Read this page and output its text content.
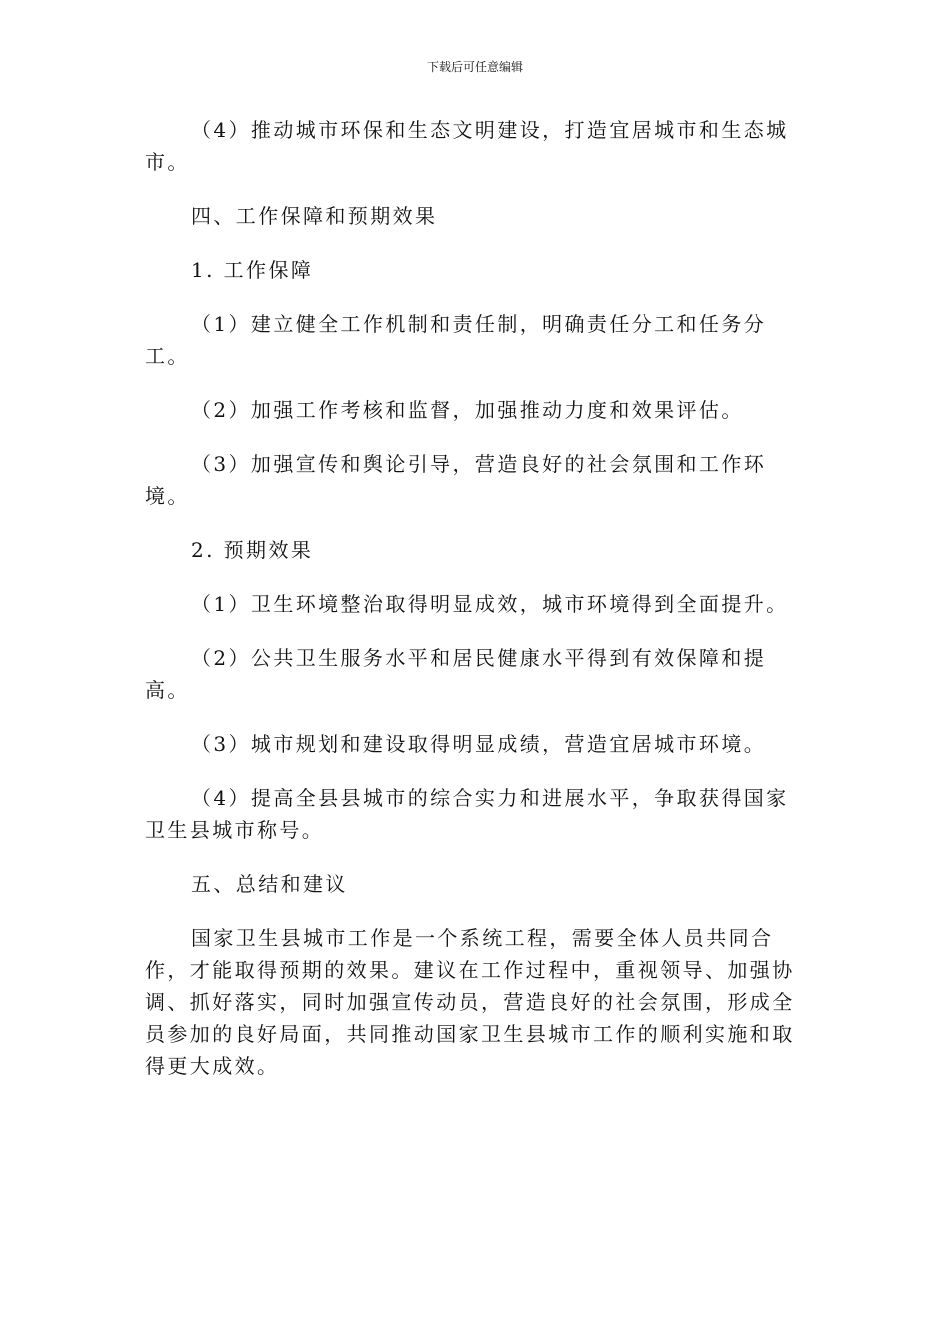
下载后可任意编辑

（4）推动城市环保和生态文明建设，打造宜居城市和生态城市。

四、工作保障和预期效果

1. 工作保障

（1）建立健全工作机制和责任制，明确责任分工和任务分工。

（2）加强工作考核和监督，加强推动力度和效果评估。

（3）加强宣传和舆论引导，营造良好的社会氛围和工作环境。

2. 预期效果

（1）卫生环境整治取得明显成效，城市环境得到全面提升。

（2）公共卫生服务水平和居民健康水平得到有效保障和提高。

（3）城市规划和建设取得明显成绩，营造宜居城市环境。

（4）提高全县县城市的综合实力和进展水平，争取获得国家卫生县城市称号。

五、总结和建议

国家卫生县城市工作是一个系统工程，需要全体人员共同合作，才能取得预期的效果。建议在工作过程中，重视领导、加强协调、抓好落实，同时加强宣传动员，营造良好的社会氛围，形成全员参加的良好局面，共同推动国家卫生县城市工作的顺利实施和取得更大成效。
